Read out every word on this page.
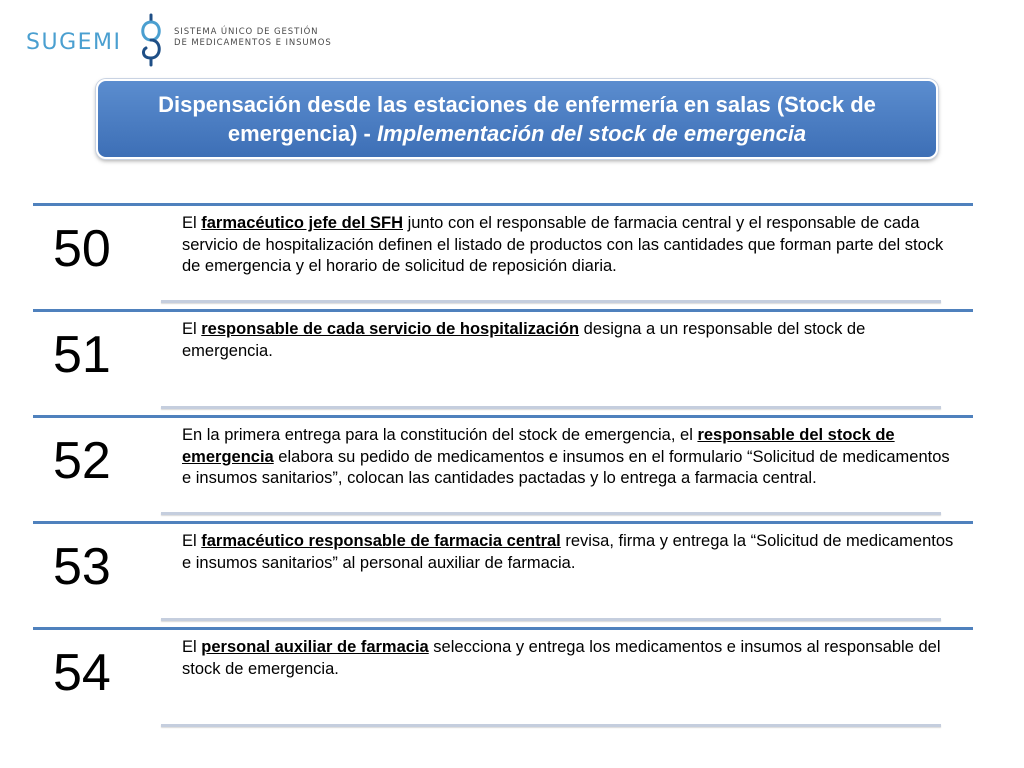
SUGEMI	SISTEMA ÚNICO DE GESTIÓN
DE MEDICAMENTOS E INSUMOS
Dispensación desde las estaciones de enfermería en salas (Stock de emergencia) - Implementación del stock de emergencia
50	El farmacéutico jefe del SFH junto con el responsable de farmacia central y el responsable de cada servicio de hospitalización definen el listado de productos con las cantidades que forman parte del stock de emergencia y el horario de solicitud de reposición diaria.
51	El responsable de cada servicio de hospitalización designa a un responsable del stock de emergencia.
52	En la primera entrega para la constitución del stock de emergencia, el responsable del stock de emergencia elabora su pedido de medicamentos e insumos en el formulario “Solicitud de medicamentos e insumos sanitarios”, colocan las cantidades pactadas y lo entrega a farmacia central.
53	El farmacéutico responsable de farmacia central revisa, firma y entrega la “Solicitud de medicamentos e insumos sanitarios” al personal auxiliar de farmacia.
54	El personal auxiliar de farmacia selecciona y entrega los medicamentos e insumos al responsable del stock de emergencia.
